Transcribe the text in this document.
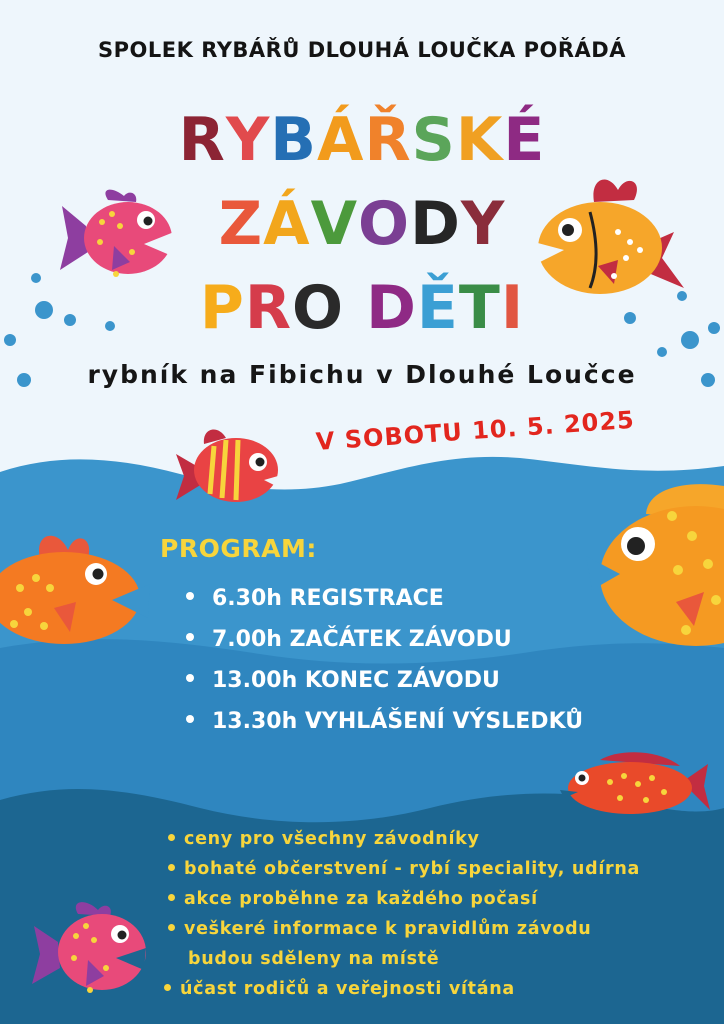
SPOLEK RYBÁŘŮ DLOUHÁ LOUČKA POŘÁDÁ
RYBÁŘSKÉ
ZÁVODY
PRO DĚTI
rybník na Fibichu v Dlouhé Loučce
V SOBOTU 10. 5. 2025
PROGRAM:
6.30h REGISTRACE
7.00h ZAČÁTEK ZÁVODU
13.00h KONEC ZÁVODU
13.30h VYHLÁŠENÍ VÝSLEDKŮ
ceny pro všechny závodníky
bohaté občerstvení - rybí speciality, udírna
akce proběhne za každého počasí
veškeré informace k pravidlům závodu
budou sděleny na místě
účast rodičů a veřejnosti vítána
